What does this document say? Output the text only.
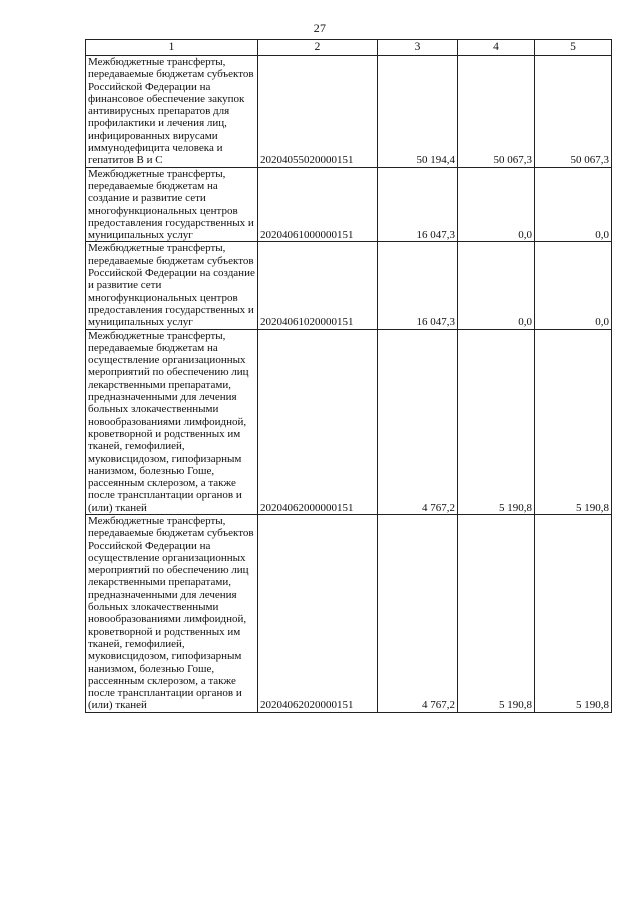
27
1	2	3	4	5
Межбюджетные трансферты, передаваемые бюджетам субъектов Российской Федерации на финансовое обеспечение закупок антивирусных препаратов для профилактики и лечения лиц, инфицированных вирусами иммунодефицита человека и гепатитов В и С	20204055020000151	50 194,4	50 067,3	50 067,3
Межбюджетные трансферты, передаваемые бюджетам на создание и развитие сети многофункциональных центров предоставления государственных и муниципальных услуг	20204061000000151	16 047,3	0,0	0,0
Межбюджетные трансферты, передаваемые бюджетам субъектов Российской Федерации на создание и развитие сети многофункциональных центров предоставления государственных и муниципальных услуг	20204061020000151	16 047,3	0,0	0,0
Межбюджетные трансферты, передаваемые бюджетам на осуществление организационных мероприятий по обеспечению лиц лекарственными препаратами, предназначенными для лечения больных злокачественными новообразованиями лимфоидной, кроветворной и родственных им тканей, гемофилией, муковисцидозом, гипофизарным нанизмом, болезнью Гоше, рассеянным склерозом, а также после трансплантации органов и (или) тканей	20204062000000151	4 767,2	5 190,8	5 190,8
Межбюджетные трансферты, передаваемые бюджетам субъектов Российской Федерации на осуществление организационных мероприятий по обеспечению лиц лекарственными препаратами, предназначенными для лечения больных злокачественными новообразованиями лимфоидной, кроветворной и родственных им тканей, гемофилией, муковисцидозом, гипофизарным нанизмом, болезнью Гоше, рассеянным склерозом, а также после трансплантации органов и (или) тканей	20204062020000151	4 767,2	5 190,8	5 190,8
